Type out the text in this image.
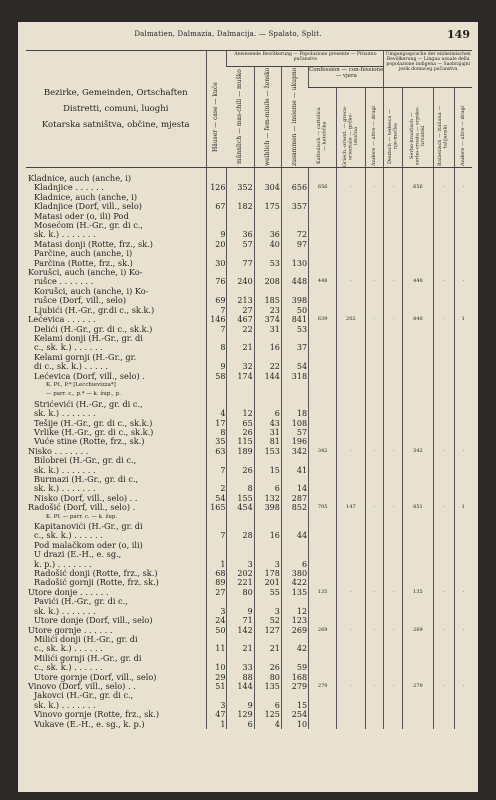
Dalmatien, Dalmazia, Dalmacija. — Spalato, Split.	149
Bezirke, Gemeinden, Ortschaften
Distretti, comuni, luoghi
Kotarska satništva, občine, mjesta	Häuser — case — kuće	Anwesende Bevölkerung — Popolazione presente — Prisutno pučanstvo						Umgangssprache der einheimischen Bevölkerung — Lingua usuale della popolazione indigena — Saobrajajni jezik domaćeg pučanstva			

		männlich — mas-chili — muško	weiblich — fem-minile — žensko	zusammen — insieme — ukupno	Confession — con-fessione — vjera						

					Katholisch — cattolica — katolička	Griech.-orient. — greco-orientale — grčko-istočna	Andere — altre — drugi	Deutsch — tedesca — nje-mačka	Serbo-kroatisch — serbo-croata — srpsko-hrvatski	Italienisch — italiana — talijanski	Andere — altre — drugi

Kladnice, auch (anche, i)											
Kladnjice . . . . . .	126	352	304	656	656	·	·	·	656	·	·
Kladnice, auch (anche, i)											
Kladnjice (Dorf, vill., selo)	67	182	175	357							
Matasi oder (o, ili) Pod											
Mosećom (H.-Gr., gr. di c.,											
sk. k.) . . . . . . .	9	36	36	72							
Matasi donji (Rotte, frz., sk.)	20	57	40	97							
Parčine, auch (anche, i)											
Parčina (Rotte, frz., sk.)	30	77	53	130							
Korušci, auch (anche, i) Ko-											
rušce . . . . . . .	76	240	208	448	448	·	·	·	448	·	·
Korušci, auch (anche, i) Ko-											
rušce (Dorf, vill., selo)	69	213	185	398							
Ljubići (H.-Gr., gr.di c., sk.k.)	7	27	23	50							
Lećevica . . . . . .	146	467	374	841	639	202	·	·	840	·	1
Delići (H.-Gr., gr. di c., sk.k.)	7	22	31	53							
Kelami donji (H.-Gr., gr. di											
c., sk. k.) . . . . . .	8	21	16	37							
Kelami gornji (H.-Gr., gr.											
di c., sk. k.) . . . . .	9	32	22	54							
Lećevica (Dorf, vill., selo) .	58	174	144	318							
K. Pf., P.* [Lecchievizza*]											
— parr. c., p.* — k. žup., p.											
Strićevići (H.-Gr., gr. di c.,											
sk. k.) . . . . . . .	4	12	6	18							
Tešije (H.-Gr., gr. di c., sk.k.)	17	65	43	108							
Vrlike (H.-Gr., gr. di c., sk.k.)	8	26	31	57							
Vuće stine (Rotte, frz., sk.)	35	115	81	196							
Nisko . . . . . . .	63	189	153	342	342	·	·	·	342	·	·
Bilobrei (H.-Gr., gr. di c.,											
sk. k.) . . . . . . .	7	26	15	41							
Burmazi (H.-Gr., gr. di c.,											
sk. k.) . . . . . . .	2	8	6	14							
Nisko (Dorf, vill., selo) . .	54	155	132	287							
Radošić (Dorf, vill., selo) .	165	454	398	852	705	147	·	·	851	·	1
K. Pf. — parr. c. — k. žup.											
Kapitanovići (H.-Gr., gr. di											
c., sk. k.) . . . . . .	7	28	16	44							
Pod malačkom oder (o, ili)											
U drazi (E.-H., e. sg.,											
k. p.) . . . . . . .	1	3	3	6							
Radošić donji (Rotte, frz., sk.)	68	202	178	380							
Radošić gornji (Rotte, frz. sk.)	89	221	201	422							
Utore donje . . . . . .	27	80	55	135	135	·	·	·	135	·	·
Pavići (H.-Gr., gr. di c.,											
sk. k.) . . . . . . .	3	9	3	12							
Utore donje (Dorf, vill., selo)	24	71	52	123							
Utore gornje . . . . . .	50	142	127	269	269	·	·	·	269	·	·
Milići donji (H.-Gr., gr. di											
c., sk. k.) . . . . . .	11	21	21	42							
Milići gornji (H.-Gr., gr. di											
c., sk. k.) . . . . . .	10	33	26	59							
Utore gornje (Dorf, vill., selo)	29	88	80	168							
Vinovo (Dorf, vill., selo) . .	51	144	135	279	279	·	·	·	279	·	·
Jakovci (H.-Gr., gr. di c.,											
sk. k.) . . . . . . .	3	9	6	15							
Vinovo gornje (Rotte, frz., sk.)	47	129	125	254							
Vukave (E.-H., e. sg., k. p.)	1	6	4	10							
